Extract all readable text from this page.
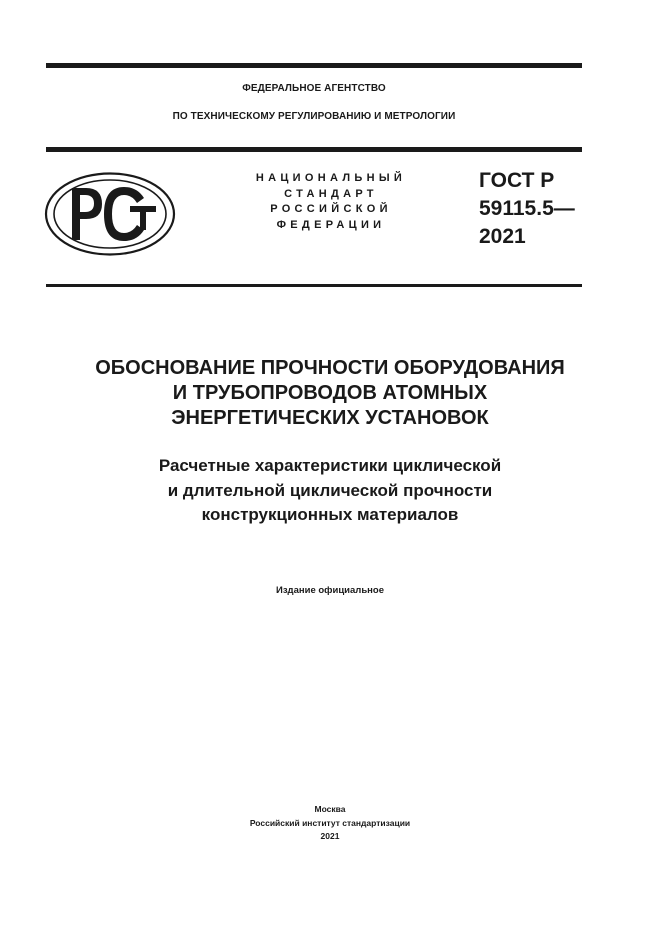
ФЕДЕРАЛЬНОЕ АГЕНТСТВО
ПО ТЕХНИЧЕСКОМУ РЕГУЛИРОВАНИЮ И МЕТРОЛОГИИ
НАЦИОНАЛЬНЫЙ
СТАНДАРТ
РОССИЙСКОЙ
ФЕДЕРАЦИИ
ГОСТ Р
59115.5—
2021
ОБОСНОВАНИЕ ПРОЧНОСТИ ОБОРУДОВАНИЯ
И ТРУБОПРОВОДОВ АТОМНЫХ
ЭНЕРГЕТИЧЕСКИХ УСТАНОВОК
Расчетные характеристики циклической
и длительной циклической прочности
конструкционных материалов
Издание официальное
Москва
Российский институт стандартизации
2021
